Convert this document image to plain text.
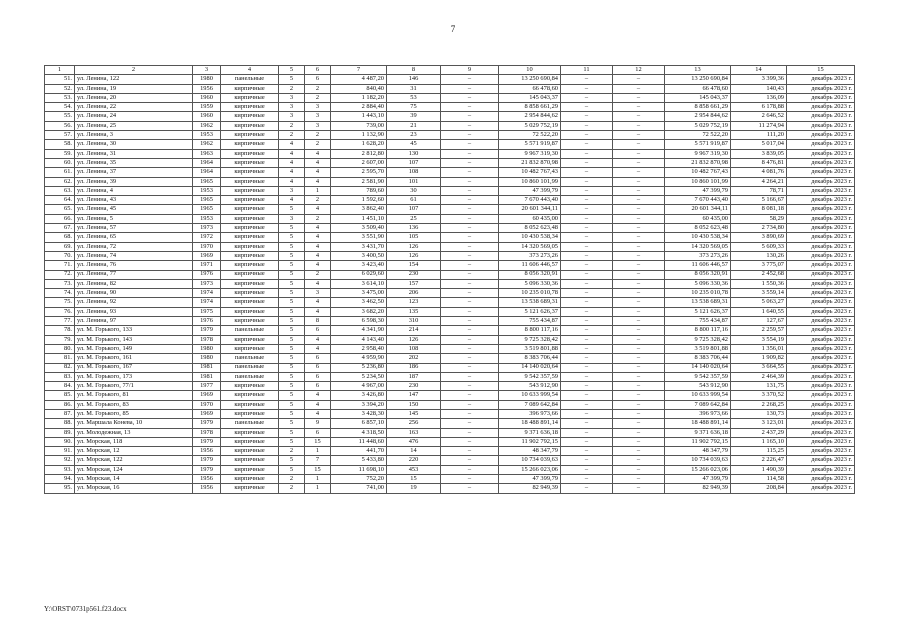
7
1	2	3	4	5	6	7	8	9	10	11	12	13	14	15
51.	ул. Ленина, 122	1980	панельные	5	6	4 487,20	146	–	13 250 690,84	–	–	13 250 690,84	3 399,36	декабрь 2023 г.
52.	ул. Ленина, 19	1956	кирпичные	2	2	840,40	31	–	66 478,60	–	–	66 478,60	140,43	декабрь 2023 г.
53.	ул. Ленина, 20	1960	кирпичные	3	2	1 182,20	53	–	145 043,37	–	–	145 043,37	136,09	декабрь 2023 г.
54.	ул. Ленина, 22	1959	кирпичные	3	3	2 884,40	75	–	8 858 661,29	–	–	8 858 661,29	6 178,88	декабрь 2023 г.
55.	ул. Ленина, 24	1960	кирпичные	3	3	1 443,10	39	–	2 954 844,62	–	–	2 954 844,62	2 646,52	декабрь 2023 г.
56.	ул. Ленина, 25	1962	кирпичные	2	3	739,00	21	–	5 029 752,19	–	–	5 029 752,19	11 274,94	декабрь 2023 г.
57.	ул. Ленина, 3	1953	кирпичные	2	2	1 132,90	23	–	72 522,20	–	–	72 522,20	111,20	декабрь 2023 г.
58.	ул. Ленина, 30	1962	кирпичные	4	2	1 628,20	45	–	5 571 919,87	–	–	5 571 919,87	5 017,04	декабрь 2023 г.
59.	ул. Ленина, 31	1963	кирпичные	4	4	2 812,80	130	–	9 967 319,30	–	–	9 967 319,30	3 839,05	декабрь 2023 г.
60.	ул. Ленина, 35	1964	кирпичные	4	4	2 607,00	107	–	21 832 870,98	–	–	21 832 870,98	8 476,81	декабрь 2023 г.
61.	ул. Ленина, 37	1964	кирпичные	4	4	2 595,70	108	–	10 482 767,43	–	–	10 482 767,43	4 081,76	декабрь 2023 г.
62.	ул. Ленина, 39	1965	кирпичные	4	4	2 581,90	101	–	10 860 101,99	–	–	10 860 101,99	4 264,21	декабрь 2023 г.
63.	ул. Ленина, 4	1953	кирпичные	3	1	789,60	30	–	47 399,79	–	–	47 399,79	78,71	декабрь 2023 г.
64.	ул. Ленина, 43	1965	кирпичные	4	2	1 592,60	61	–	7 670 443,40	–	–	7 670 443,40	5 166,67	декабрь 2023 г.
65.	ул. Ленина, 45	1965	кирпичные	5	4	3 862,40	107	–	20 601 344,11	–	–	20 601 344,11	8 081,18	декабрь 2023 г.
66.	ул. Ленина, 5	1953	кирпичные	3	2	1 451,10	25	–	60 435,00	–	–	60 435,00	58,29	декабрь 2023 г.
67.	ул. Ленина, 57	1973	кирпичные	5	4	3 509,40	136	–	8 052 623,48	–	–	8 052 623,48	2 734,80	декабрь 2023 г.
68.	ул. Ленина, 65	1972	кирпичные	5	4	3 551,90	105	–	10 430 538,34	–	–	10 430 538,34	3 890,69	декабрь 2023 г.
69.	ул. Ленина, 72	1970	кирпичные	5	4	3 431,70	126	–	14 320 569,05	–	–	14 320 569,05	5 609,33	декабрь 2023 г.
70.	ул. Ленина, 74	1969	кирпичные	5	4	3 400,50	126	–	373 273,26	–	–	373 273,26	130,26	декабрь 2023 г.
71.	ул. Ленина, 76	1971	кирпичные	5	4	3 423,40	154	–	11 606 446,57	–	–	11 606 446,57	3 775,07	декабрь 2023 г.
72.	ул. Ленина, 77	1976	кирпичные	5	2	6 029,60	230	–	8 056 320,91	–	–	8 056 320,91	2 452,68	декабрь 2023 г.
73.	ул. Ленина, 82	1973	кирпичные	5	4	3 614,10	157	–	5 096 330,36	–	–	5 096 330,36	1 550,36	декабрь 2023 г.
74.	ул. Ленина, 90	1974	кирпичные	5	3	3 475,00	206	–	10 235 010,78	–	–	10 235 010,78	3 559,14	декабрь 2023 г.
75.	ул. Ленина, 92	1974	кирпичные	5	4	3 462,50	123	–	13 538 689,31	–	–	13 538 689,31	5 063,27	декабрь 2023 г.
76.	ул. Ленина, 93	1975	кирпичные	5	4	3 682,20	135	–	5 121 626,37	–	–	5 121 626,37	1 640,55	декабрь 2023 г.
77.	ул. Ленина, 97	1976	кирпичные	5	8	6 598,30	310	–	755 434,87	–	–	755 434,87	127,67	декабрь 2023 г.
78.	ул. М. Горького, 133	1979	панельные	5	6	4 341,90	214	–	8 800 117,16	–	–	8 800 117,16	2 259,57	декабрь 2023 г.
79.	ул. М. Горького, 143	1978	кирпичные	5	4	4 143,40	126	–	9 725 328,42	–	–	9 725 328,42	3 554,19	декабрь 2023 г.
80.	ул. М. Горького, 149	1980	кирпичные	5	4	2 958,40	108	–	3 519 801,88	–	–	3 519 801,88	1 356,01	декабрь 2023 г.
81.	ул. М. Горького, 161	1980	панельные	5	6	4 959,90	202	–	8 383 706,44	–	–	8 383 706,44	1 909,82	декабрь 2023 г.
82.	ул. М. Горького, 167	1981	панельные	5	6	5 236,80	186	–	14 140 020,64	–	–	14 140 020,64	3 664,55	декабрь 2023 г.
83.	ул. М. Горького, 173	1981	панельные	5	6	5 234,50	187	–	9 542 357,59	–	–	9 542 357,59	2 464,39	декабрь 2023 г.
84.	ул. М. Горького, 77/1	1977	кирпичные	5	6	4 967,00	230	–	543 912,90	–	–	543 912,90	131,75	декабрь 2023 г.
85.	ул. М. Горького, 81	1969	кирпичные	5	4	3 426,80	147	–	10 633 999,54	–	–	10 633 999,54	3 370,52	декабрь 2023 г.
86.	ул. М. Горького, 83	1970	кирпичные	5	4	3 394,20	150	–	7 089 642,84	–	–	7 089 642,84	2 268,25	декабрь 2023 г.
87.	ул. М. Горького, 85	1969	кирпичные	5	4	3 428,30	145	–	396 973,66	–	–	396 973,66	130,73	декабрь 2023 г.
88.	ул. Маршала Конева, 10	1979	панельные	5	9	6 857,10	256	–	18 488 891,14	–	–	18 488 891,14	3 123,01	декабрь 2023 г.
89.	ул. Молодежная, 13	1978	кирпичные	5	6	4 318,50	163	–	9 371 636,18	–	–	9 371 636,18	2 437,29	декабрь 2023 г.
90.	ул. Морская, 118	1979	кирпичные	5	15	11 448,60	476	–	11 902 792,15	–	–	11 902 792,15	1 165,10	декабрь 2023 г.
91.	ул. Морская, 12	1956	кирпичные	2	1	441,70	14	–	48 347,79	–	–	48 347,79	115,25	декабрь 2023 г.
92.	ул. Морская, 122	1979	кирпичные	5	7	5 433,80	220	–	10 734 039,63	–	–	10 734 039,63	2 226,47	декабрь 2023 г.
93.	ул. Морская, 124	1979	кирпичные	5	15	11 698,10	453	–	15 266 023,06	–	–	15 266 023,06	1 490,39	декабрь 2023 г.
94.	ул. Морская, 14	1956	кирпичные	2	1	752,20	15	–	47 399,79	–	–	47 399,79	114,58	декабрь 2023 г.
95.	ул. Морская, 16	1956	кирпичные	2	1	741,00	19	–	82 949,39	–	–	82 949,39	208,84	декабрь 2023 г.
Y:\ORST\0731p561.f23.docx
